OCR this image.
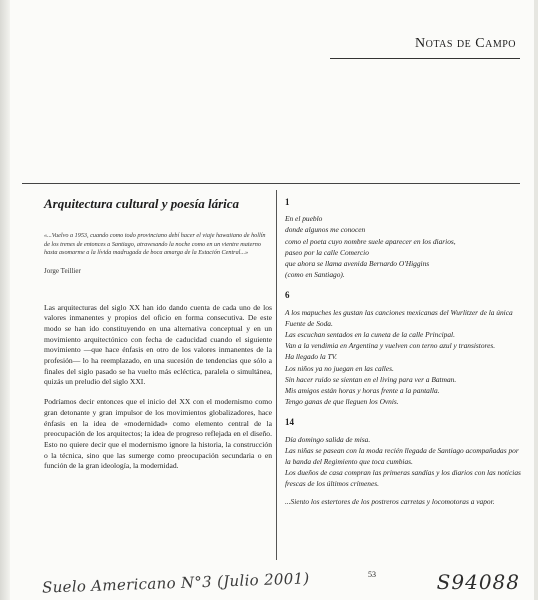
Notas de Campo
Arquitectura cultural y poesía lárica
«...Vuelvo a 1953, cuando como todo provinciano debí hacer el viaje hawaiiano de hollín de los trenes de entonces a Santiago, atravesando la noche como en un vientre materno hasta asomarme a la lívida madrugada de boca amarga de la Estación Central...»
Jorge Teillier

Las arquitecturas del siglo XX han ido dando cuenta de cada uno de los valores inmanentes y propios del oficio en forma consecutiva. De este modo se han ido constituyendo en una alternativa conceptual y en un movimiento arquitectónico con fecha de caducidad cuando el siguiente movimiento —que hace énfasis en otro de los valores inmanentes de la profesión— lo ha reemplazado, en una sucesión de tendencias que sólo a finales del siglo pasado se ha vuelto más ecléctica, paralela o simultánea, quizás un preludio del siglo XXI.

Podríamos decir entonces que el inicio del XX con el modernismo como gran detonante y gran impulsor de los movimientos globalizadores, hace énfasis en la idea de «modernidad» como elemento central de la preocupación de los arquitectos; la idea de progreso reflejada en el diseño. Esto no quiere decir que el modernismo ignore la historia, la construcción o la técnica, sino que las sumerge como preocupación secundaria o en función de la gran ideología, la modernidad.

1
En el pueblo
donde algunos me conocen
como el poeta cuyo nombre suele aparecer en los diarios,
paseo por la calle Comercio
que ahora se llama avenida Bernardo O'Higgins
(como en Santiago).
6
A los mapuches les gustan las canciones mexicanas del Wurlitzer de la única Fuente de Soda.
Las escuchan sentados en la cuneta de la calle Principal.
Van a la vendimia en Argentina y vuelven con terno azul y transistores.
Ha llegado la TV.
Los niños ya no juegan en las calles.
Sin hacer ruido se sientan en el living para ver a Batman.
Mis amigos están horas y horas frente a la pantalla.
Tengo ganas de que lleguen los Ovnis.
14
Día domingo salida de misa.
Las niñas se pasean con la moda recién llegada de Santiago acompañadas por la banda del Regimiento que toca cumbias.
Los dueños de casa compran las primeras sandías y los diarios con las noticias frescas de los últimos crímenes.
...Siento los estertores de los postreros carretas y locomotoras a vapor.
53
Suelo Americano N°3 (Julio 2001)	S94088
